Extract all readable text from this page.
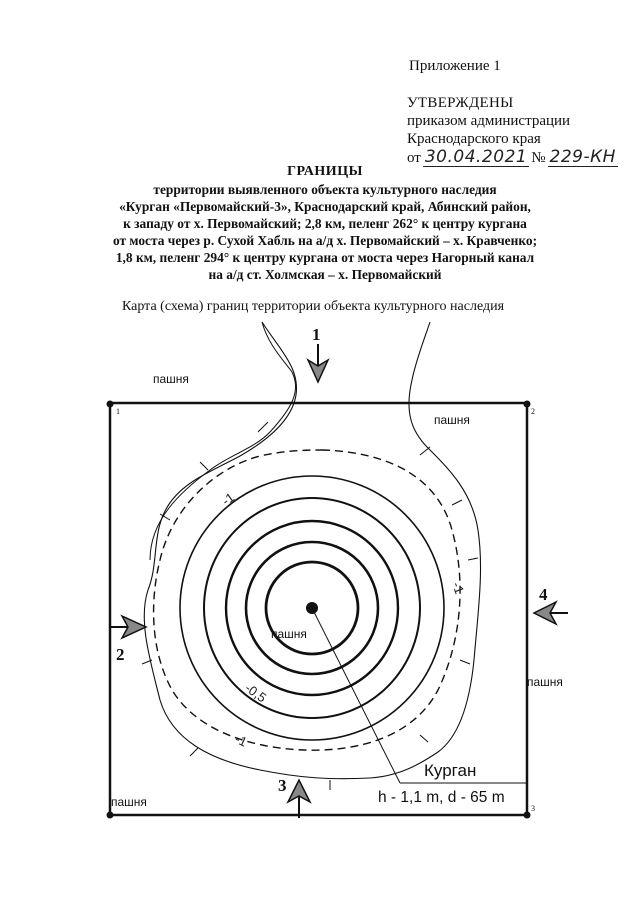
Приложение 1
УТВЕРЖДЕНЫ
приказом администрации
Краснодарского края
от 30.04.2021 № 229-КН
ГРАНИЦЫ
территории выявленного объекта культурного наследия
«Курган «Первомайский-3», Краснодарский край, Абинский район,
к западу от х. Первомайский; 2,8 км, пеленг 262° к центру кургана
от моста через р. Сухой Хабль на а/д х. Первомайский – х. Кравченко;
1,8 км, пеленг 294° к центру кургана от моста через Нагорный канал
на а/д ст. Холмская – х. Первомайский
Карта (схема) границ территории объекта культурного наследия
1	2
3
-1
-1
-0,5
-1
пашня
пашня
пашня
пашня
пашня
Курган
h - 1,1 m, d - 65 m
1
2
3
4
